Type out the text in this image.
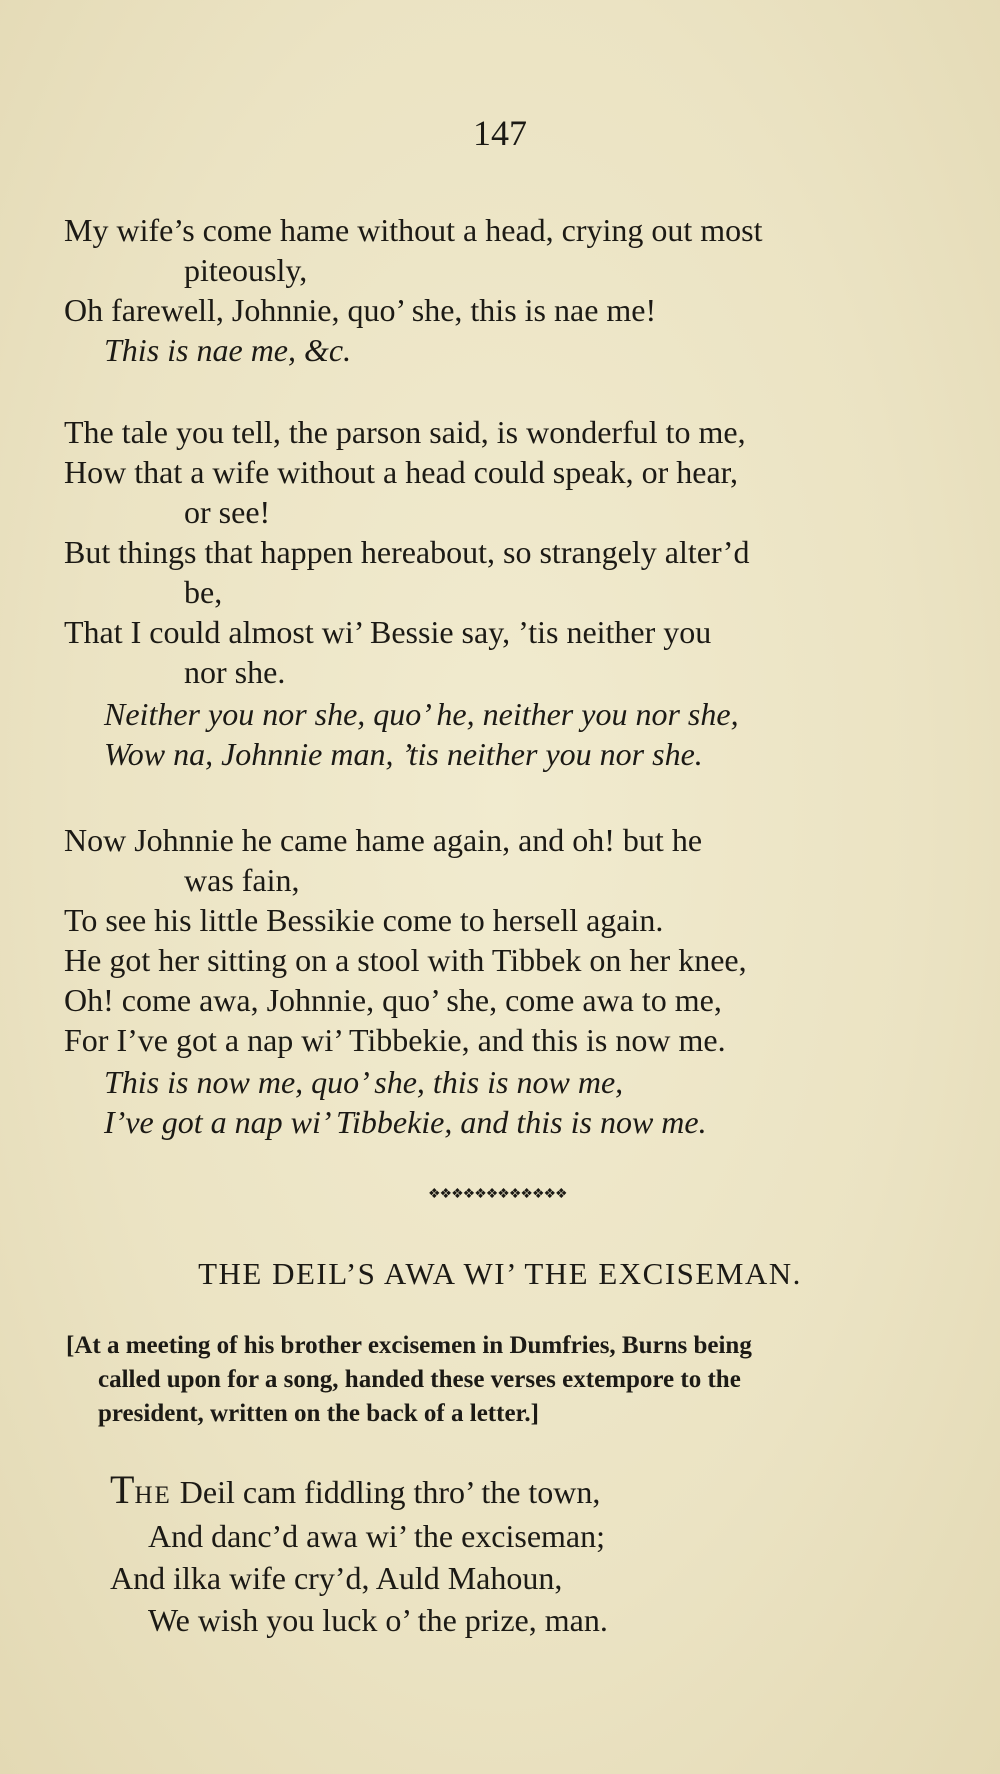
147
My wife’s come hame without a head, crying out most
piteously,
Oh farewell, Johnnie, quo’ she, this is nae me!
This is nae me, &c.
The tale you tell, the parson said, is wonderful to me,
How that a wife without a head could speak, or hear,
or see!
But things that happen hereabout, so strangely alter’d
be,
That I could almost wi’ Bessie say, ’tis neither you
nor she.
Neither you nor she, quo’ he, neither you nor she,
Wow na, Johnnie man, ’tis neither you nor she.
Now Johnnie he came hame again, and oh! but he
was fain,
To see his little Bessikie come to hersell again.
He got her sitting on a stool with Tibbek on her knee,
Oh! come awa, Johnnie, quo’ she, come awa to me,
For I’ve got a nap wi’ Tibbekie, and this is now me.
This is now me, quo’ she, this is now me,
I’ve got a nap wi’ Tibbekie, and this is now me.
❖❖❖❖❖❖❖❖❖❖❖❖
THE DEIL’S AWA WI’ THE EXCISEMAN.
[At a meeting of his brother excisemen in Dumfries, Burns being
called upon for a song, handed these verses extempore to the
president, written on the back of a letter.]
THE Deil cam fiddling thro’ the town,
And danc’d awa wi’ the exciseman;
And ilka wife cry’d, Auld Mahoun,
We wish you luck o’ the prize, man.
